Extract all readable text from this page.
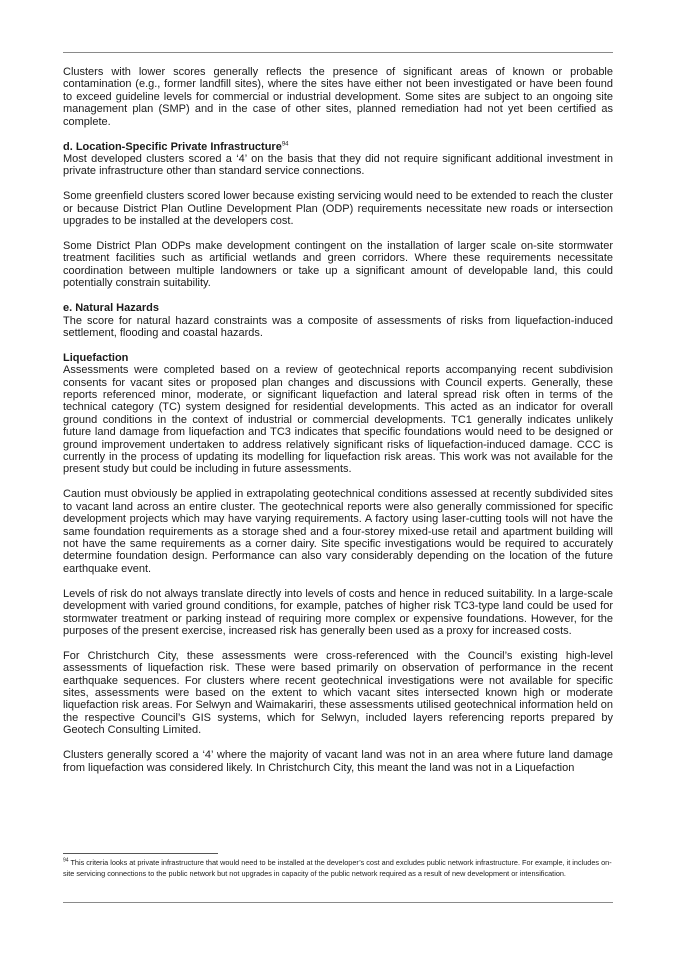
Clusters with lower scores generally reflects the presence of significant areas of known or probable contamination (e.g., former landfill sites), where the sites have either not been investigated or have been found to exceed guideline levels for commercial or industrial development. Some sites are subject to an ongoing site management plan (SMP) and in the case of other sites, planned remediation had not yet been certified as complete.

d. Location-Specific Private Infrastructure$^{94}$

Most developed clusters scored a ‘4’ on the basis that they did not require significant additional investment in private infrastructure other than standard service connections.

Some greenfield clusters scored lower because existing servicing would need to be extended to reach the cluster or because District Plan Outline Development Plan (ODP) requirements necessitate new roads or intersection upgrades to be installed at the developers cost.

Some District Plan ODPs make development contingent on the installation of larger scale on-site stormwater treatment facilities such as artificial wetlands and green corridors. Where these requirements necessitate coordination between multiple landowners or take up a significant amount of developable land, this could potentially constrain suitability.

e. Natural Hazards

The score for natural hazard constraints was a composite of assessments of risks from liquefaction-induced settlement, flooding and coastal hazards.

Liquefaction

Assessments were completed based on a review of geotechnical reports accompanying recent subdivision consents for vacant sites or proposed plan changes and discussions with Council experts. Generally, these reports referenced minor, moderate, or significant liquefaction and lateral spread risk often in terms of the technical category (TC) system designed for residential developments. This acted as an indicator for overall ground conditions in the context of industrial or commercial developments. TC1 generally indicates unlikely future land damage from liquefaction and TC3 indicates that specific foundations would need to be designed or ground improvement undertaken to address relatively significant risks of liquefaction-induced damage. CCC is currently in the process of updating its modelling for liquefaction risk areas. This work was not available for the present study but could be including in future assessments.

Caution must obviously be applied in extrapolating geotechnical conditions assessed at recently subdivided sites to vacant land across an entire cluster. The geotechnical reports were also generally commissioned for specific development projects which may have varying requirements. A factory using laser-cutting tools will not have the same foundation requirements as a storage shed and a four-storey mixed-use retail and apartment building will not have the same requirements as a corner dairy. Site specific investigations would be required to accurately determine foundation design. Performance can also vary considerably depending on the location of the future earthquake event.

Levels of risk do not always translate directly into levels of costs and hence in reduced suitability. In a large-scale development with varied ground conditions, for example, patches of higher risk TC3-type land could be used for stormwater treatment or parking instead of requiring more complex or expensive foundations. However, for the purposes of the present exercise, increased risk has generally been used as a proxy for increased costs.

For Christchurch City, these assessments were cross-referenced with the Council’s existing high-level assessments of liquefaction risk. These were based primarily on observation of performance in the recent earthquake sequences. For clusters where recent geotechnical investigations were not available for specific sites, assessments were based on the extent to which vacant sites intersected known high or moderate liquefaction risk areas. For Selwyn and Waimakariri, these assessments utilised geotechnical information held on the respective Council’s GIS systems, which for Selwyn, included layers referencing reports prepared by Geotech Consulting Limited.

Clusters generally scored a ‘4’ where the majority of vacant land was not in an area where future land damage from liquefaction was considered likely. In Christchurch City, this meant the land was not in a Liquefaction

$^{94}$ This criteria looks at private infrastructure that would need to be installed at the developer’s cost and excludes public network infrastructure. For example, it includes on-site servicing connections to the public network but not upgrades in capacity of the public network required as a result of new development or intensification.
